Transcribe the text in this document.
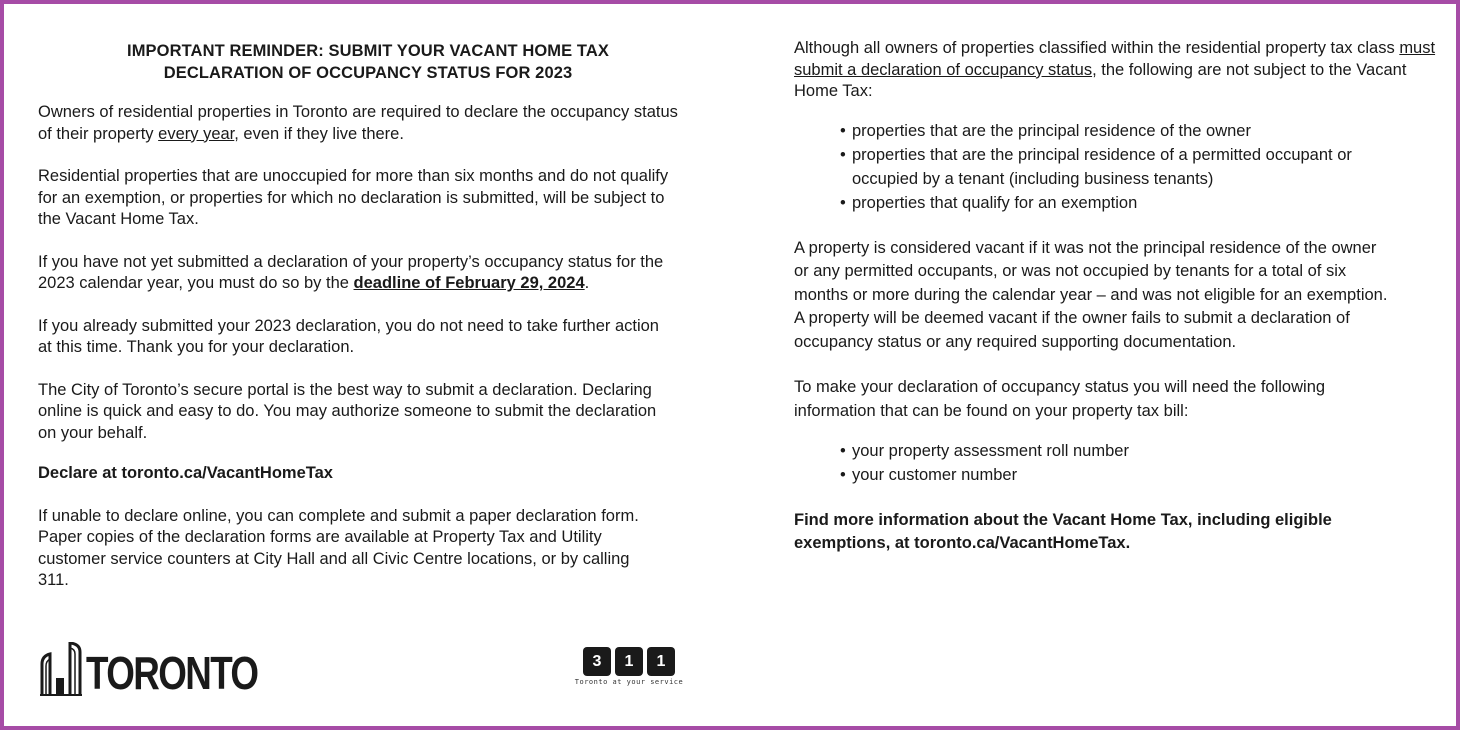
IMPORTANT REMINDER: SUBMIT YOUR VACANT HOME TAX
DECLARATION OF OCCUPANCY STATUS FOR 2023

Owners of residential properties in Toronto are required to declare the occupancy status of their property every year, even if they live there.

Residential properties that are unoccupied for more than six months and do not qualify for an exemption, or properties for which no declaration is submitted, will be subject to the Vacant Home Tax.

If you have not yet submitted a declaration of your property’s occupancy status for the 2023 calendar year, you must do so by the deadline of February 29, 2024.

If you already submitted your 2023 declaration, you do not need to take further action at this time. Thank you for your declaration.

The City of Toronto’s secure portal is the best way to submit a declaration. Declaring online is quick and easy to do. You may authorize someone to submit the declaration on your behalf.

Declare at toronto.ca/VacantHomeTax

If unable to declare online, you can complete and submit a paper declaration form. Paper copies of the declaration forms are available at Property Tax and Utility customer service counters at City Hall and all Civic Centre locations, or by calling 311.

Although all owners of properties classified within the residential property tax class must submit a declaration of occupancy status, the following are not subject to the Vacant Home Tax:

• properties that are the principal residence of the owner
• properties that are the principal residence of a permitted occupant or occupied by a tenant (including business tenants)
• properties that qualify for an exemption

A property is considered vacant if it was not the principal residence of the owner or any permitted occupants, or was not occupied by tenants for a total of six months or more during the calendar year – and was not eligible for an exemption. A property will be deemed vacant if the owner fails to submit a declaration of occupancy status or any required supporting documentation.

To make your declaration of occupancy status you will need the following information that can be found on your property tax bill:

• your property assessment roll number
• your customer number

Find more information about the Vacant Home Tax, including eligible exemptions, at toronto.ca/VacantHomeTax.

TORONTO	3	1	1
Toronto at your service
